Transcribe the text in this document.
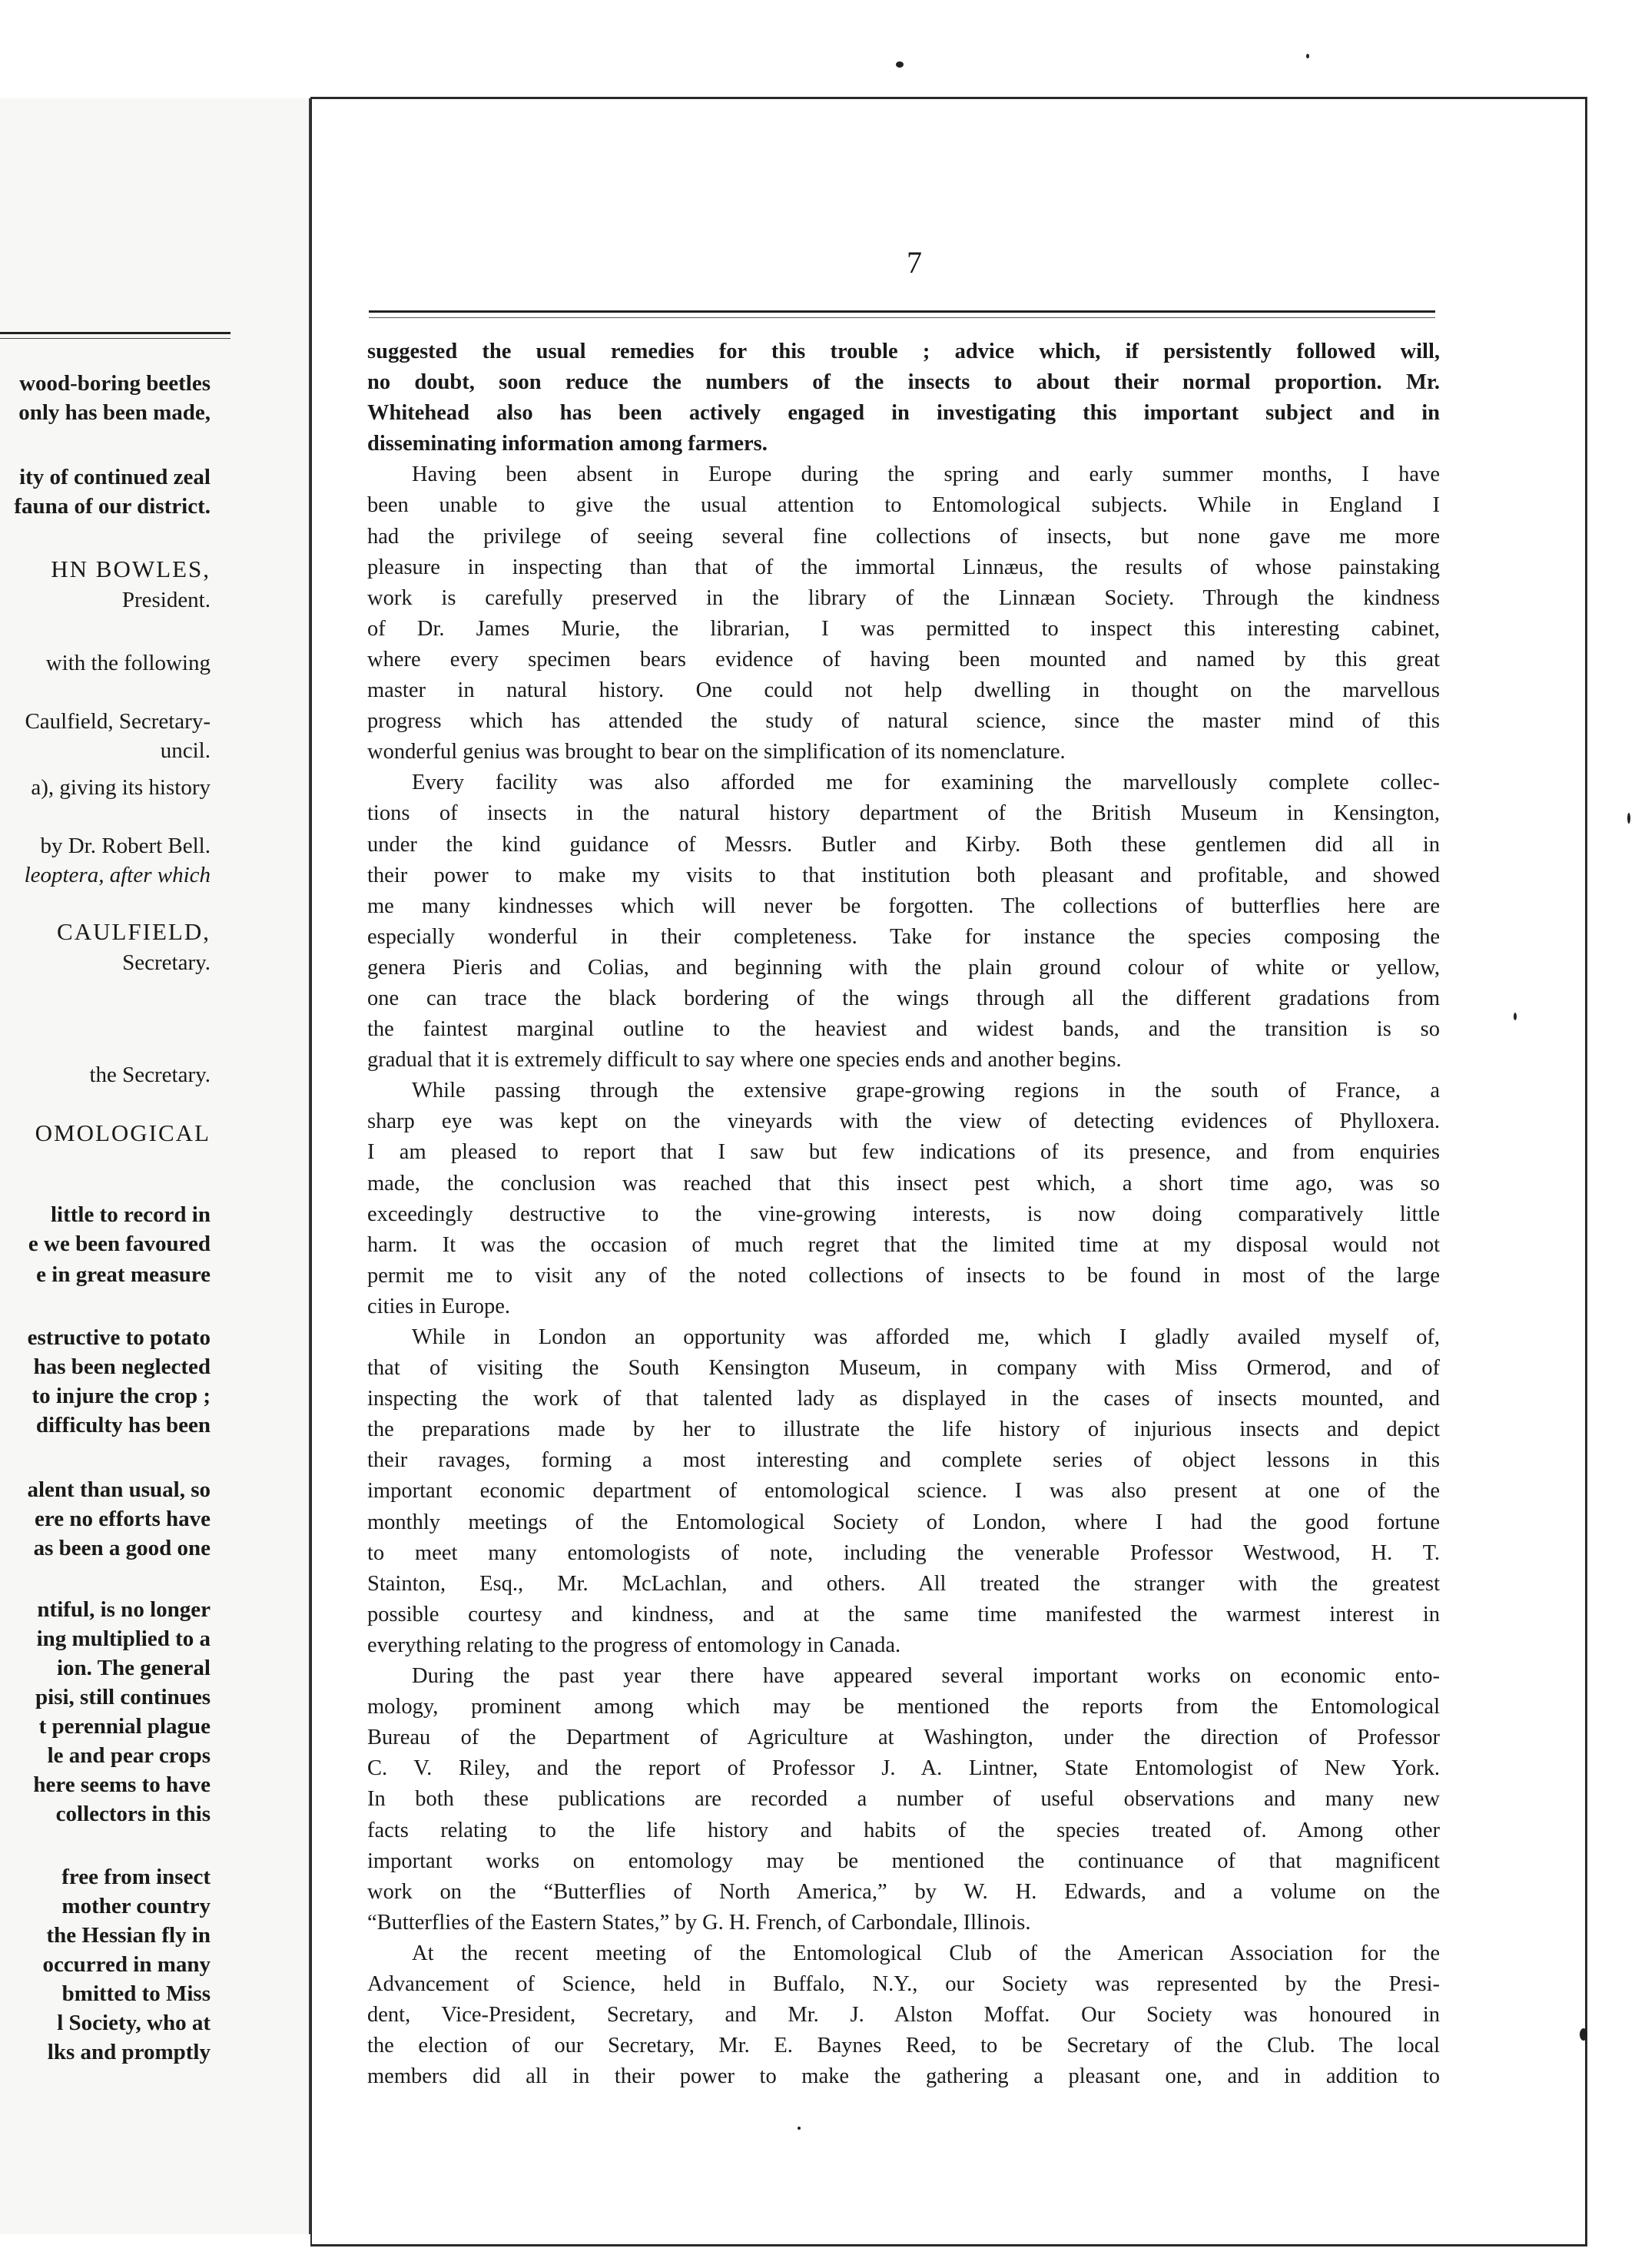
wood-boring beetles
only has been made,
ity of continued zeal
fauna of our district.
HN BOWLES,
President.
with the following
Caulfield, Secretary-
uncil.
a), giving its history
by Dr. Robert Bell.
leoptera, after which
CAULFIELD,
Secretary.
the Secretary.
OMOLOGICAL
little to record in
e we been favoured
e in great measure
estructive to potato
has been neglected
to injure the crop ;
difficulty has been
alent than usual, so
ere no efforts have
as been a good one
ntiful, is no longer
ing multiplied to a
ion. The general
pisi, still continues
t perennial plague
le and pear crops
here seems to have
collectors in this
free from insect
mother country
the Hessian fly in
occurred in many
bmitted to Miss
l Society, who at
lks and promptly
7
suggested the usual remedies for this trouble ; advice which, if persistently followed will,
no doubt, soon reduce the numbers of the insects to about their normal proportion. Mr.
Whitehead also has been actively engaged in investigating this important subject and in
disseminating information among farmers.
Having been absent in Europe during the spring and early summer months, I have
been unable to give the usual attention to Entomological subjects. While in England I
had the privilege of seeing several fine collections of insects, but none gave me more
pleasure in inspecting than that of the immortal Linnæus, the results of whose painstaking
work is carefully preserved in the library of the Linnæan Society. Through the kindness
of Dr. James Murie, the librarian, I was permitted to inspect this interesting cabinet,
where every specimen bears evidence of having been mounted and named by this great
master in natural history. One could not help dwelling in thought on the marvellous
progress which has attended the study of natural science, since the master mind of this
wonderful genius was brought to bear on the simplification of its nomenclature.
Every facility was also afforded me for examining the marvellously complete collec-
tions of insects in the natural history department of the British Museum in Kensington,
under the kind guidance of Messrs. Butler and Kirby. Both these gentlemen did all in
their power to make my visits to that institution both pleasant and profitable, and showed
me many kindnesses which will never be forgotten. The collections of butterflies here are
especially wonderful in their completeness. Take for instance the species composing the
genera Pieris and Colias, and beginning with the plain ground colour of white or yellow,
one can trace the black bordering of the wings through all the different gradations from
the faintest marginal outline to the heaviest and widest bands, and the transition is so
gradual that it is extremely difficult to say where one species ends and another begins.
While passing through the extensive grape-growing regions in the south of France, a
sharp eye was kept on the vineyards with the view of detecting evidences of Phylloxera.
I am pleased to report that I saw but few indications of its presence, and from enquiries
made, the conclusion was reached that this insect pest which, a short time ago, was so
exceedingly destructive to the vine-growing interests, is now doing comparatively little
harm. It was the occasion of much regret that the limited time at my disposal would not
permit me to visit any of the noted collections of insects to be found in most of the large
cities in Europe.
While in London an opportunity was afforded me, which I gladly availed myself of,
that of visiting the South Kensington Museum, in company with Miss Ormerod, and of
inspecting the work of that talented lady as displayed in the cases of insects mounted, and
the preparations made by her to illustrate the life history of injurious insects and depict
their ravages, forming a most interesting and complete series of object lessons in this
important economic department of entomological science. I was also present at one of the
monthly meetings of the Entomological Society of London, where I had the good fortune
to meet many entomologists of note, including the venerable Professor Westwood, H. T.
Stainton, Esq., Mr. McLachlan, and others. All treated the stranger with the greatest
possible courtesy and kindness, and at the same time manifested the warmest interest in
everything relating to the progress of entomology in Canada.
During the past year there have appeared several important works on economic ento-
mology, prominent among which may be mentioned the reports from the Entomological
Bureau of the Department of Agriculture at Washington, under the direction of Professor
C. V. Riley, and the report of Professor J. A. Lintner, State Entomologist of New York.
In both these publications are recorded a number of useful observations and many new
facts relating to the life history and habits of the species treated of. Among other
important works on entomology may be mentioned the continuance of that magnificent
work on the “Butterflies of North America,” by W. H. Edwards, and a volume on the
“Butterflies of the Eastern States,” by G. H. French, of Carbondale, Illinois.
At the recent meeting of the Entomological Club of the American Association for the
Advancement of Science, held in Buffalo, N.Y., our Society was represented by the Presi-
dent, Vice-President, Secretary, and Mr. J. Alston Moffat. Our Society was honoured in
the election of our Secretary, Mr. E. Baynes Reed, to be Secretary of the Club. The local
members did all in their power to make the gathering a pleasant one, and in addition to
